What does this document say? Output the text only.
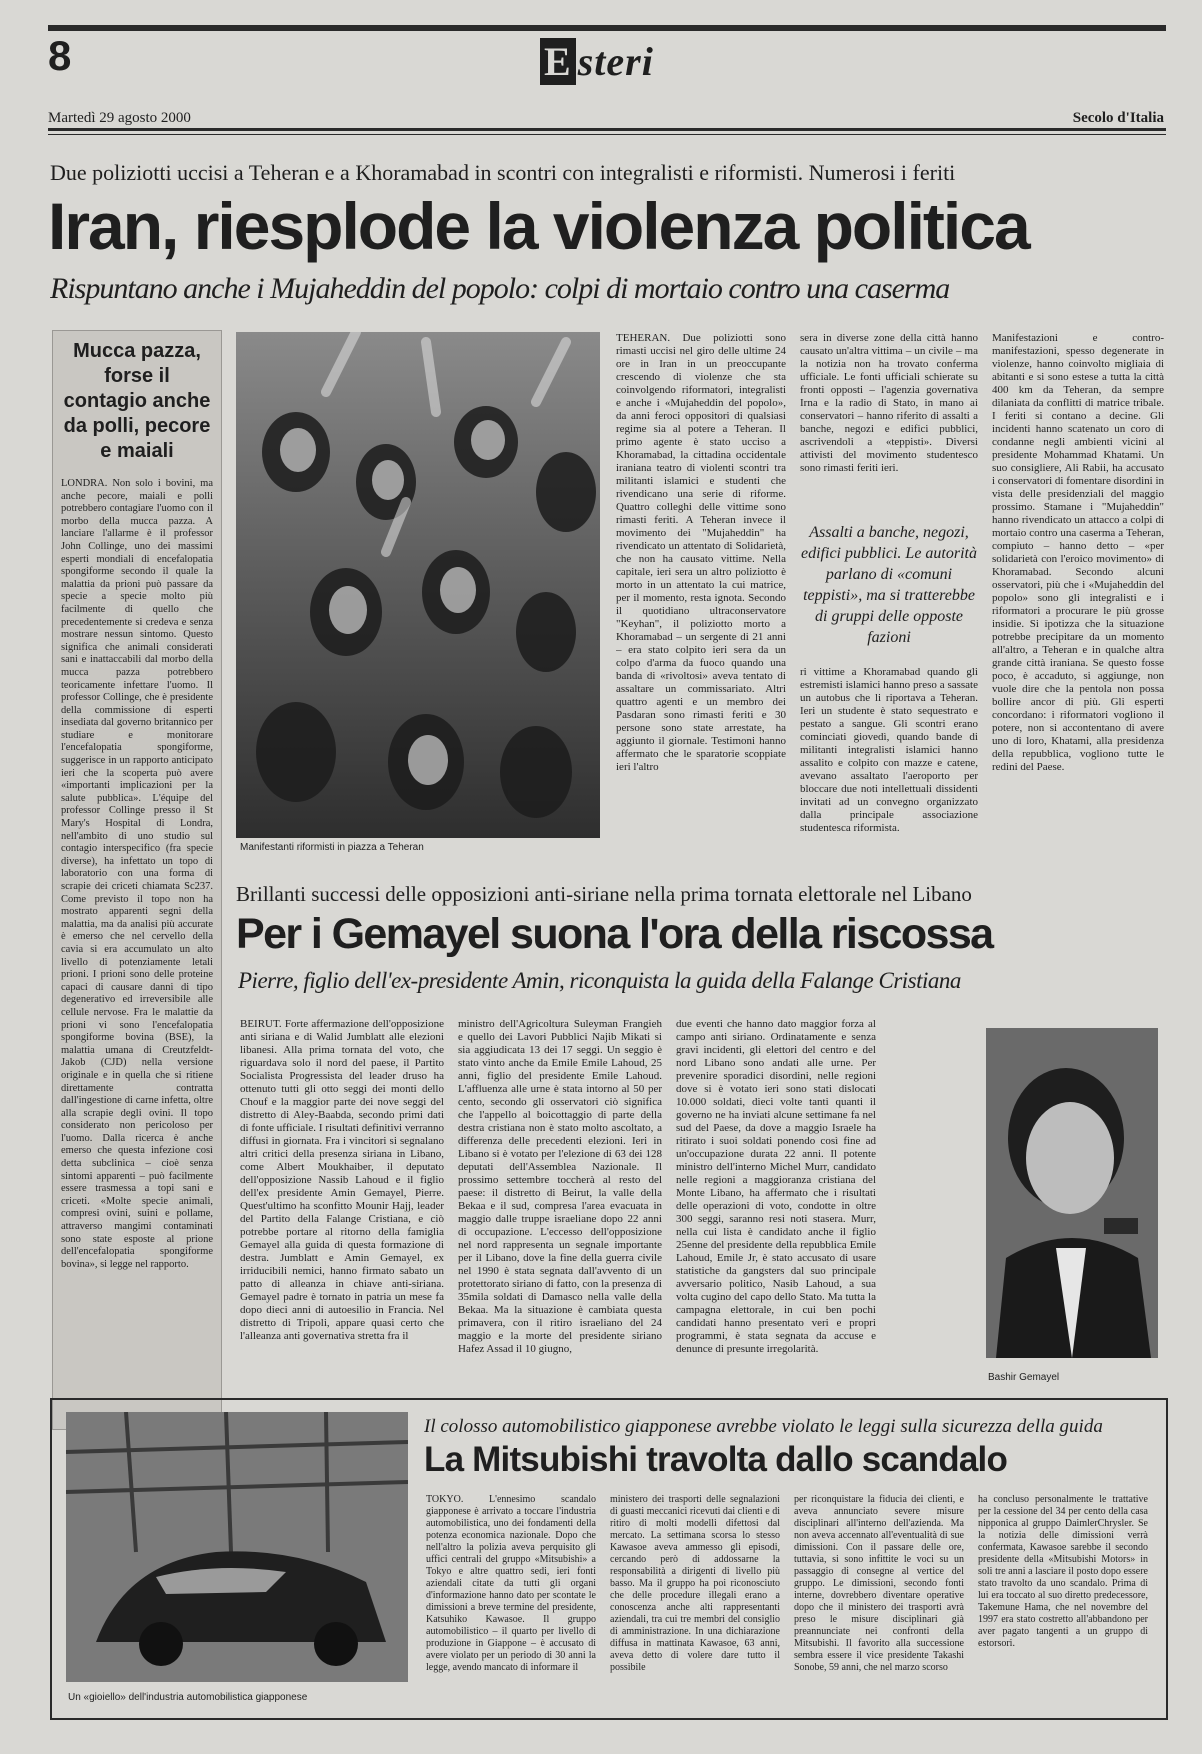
8	E steri
Martedì 29 agosto 2000	Secolo d'Italia
Due poliziotti uccisi a Teheran e a Khoramabad in scontri con integralisti e riformisti. Numerosi i feriti
Iran, riesplode la violenza politica
Rispuntano anche i Mujaheddin del popolo: colpi di mortaio contro una caserma
Mucca pazza, forse il contagio anche da polli, pecore e maiali
LONDRA. Non solo i bovini, ma anche pecore, maiali e polli potrebbero contagiare l'uomo con il morbo della mucca pazza. A lanciare l'allarme è il professor John Collinge, uno dei massimi esperti mondiali di encefalopatia spongiforme secondo il quale la malattia da prioni può passare da specie a specie molto più facilmente di quello che precedentemente si credeva e senza mostrare nessun sintomo. Questo significa che animali considerati sani e inattaccabili dal morbo della mucca pazza potrebbero teoricamente infettare l'uomo. Il professor Collinge, che è presidente della commissione di esperti insediata dal governo britannico per studiare e monitorare l'encefalopatia spongiforme, suggerisce in un rapporto anticipato ieri che la scoperta può avere «importanti implicazioni per la salute pubblica». L'équipe del professor Collinge presso il St Mary's Hospital di Londra, nell'ambito di uno studio sul contagio interspecifico (fra specie diverse), ha infettato un topo di laboratorio con una forma di scrapie dei criceti chiamata Sc237. Come previsto il topo non ha mostrato apparenti segni della malattia, ma da analisi più accurate è emerso che nel cervello della cavia si era accumulato un alto livello di potenziamente letali prioni. I prioni sono delle proteine capaci di causare danni di tipo degenerativo ed irreversibile alle cellule nervose. Fra le malattie da prioni vi sono l'encefalopatia spongiforme bovina (BSE), la malattia umana di Creutzfeldt-Jakob (CJD) nella versione originale e in quella che si ritiene direttamente contratta dall'ingestione di carne infetta, oltre alla scrapie degli ovini. Il topo considerato non pericoloso per l'uomo. Dalla ricerca è anche emerso che questa infezione così detta subclinica – cioè senza sintomi apparenti – può facilmente essere trasmessa a topi sani e criceti. «Molte specie animali, compresi ovini, suini e pollame, attraverso mangimi contaminati sono state esposte al prione dell'encefalopatia spongiforme bovina», si legge nel rapporto.
Manifestanti riformisti in piazza a Teheran
TEHERAN. Due poliziotti sono rimasti uccisi nel giro delle ultime 24 ore in Iran in un preoccupante crescendo di violenze che sta coinvolgendo riformatori, integralisti e anche i «Mujaheddin del popolo», da anni feroci oppositori di qualsiasi regime sia al potere a Teheran. Il primo agente è stato ucciso a Khoramabad, la cittadina occidentale iraniana teatro di violenti scontri tra militanti islamici e studenti che rivendicano una serie di riforme. Quattro colleghi delle vittime sono rimasti feriti. A Teheran invece il movimento dei "Mujaheddin" ha rivendicato un attentato di Solidarietà, che non ha causato vittime. Nella capitale, ieri sera un altro poliziotto è morto in un attentato la cui matrice, per il momento, resta ignota. Secondo il quotidiano ultraconservatore "Keyhan", il poliziotto morto a Khoramabad – un sergente di 21 anni – era stato colpito ieri sera da un colpo d'arma da fuoco quando una banda di «rivoltosi» aveva tentato di assaltare un commissariato. Altri quattro agenti e un membro dei Pasdaran sono rimasti feriti e 30 persone sono state arrestate, ha aggiunto il giornale. Testimoni hanno affermato che le sparatorie scoppiate ieri l'altro
sera in diverse zone della città hanno causato un'altra vittima – un civile – ma la notizia non ha trovato conferma ufficiale. Le fonti ufficiali schierate su fronti opposti – l'agenzia governativa Irna e la radio di Stato, in mano ai conservatori – hanno riferito di assalti a banche, negozi e edifici pubblici, ascrivendoli a «teppisti». Diversi attivisti del movimento studentesco sono rimasti feriti ieri.
Assalti a banche, negozi, edifici pubblici. Le autorità parlano di «comuni teppisti», ma si tratterebbe di gruppi delle opposte fazioni
ri vittime a Khoramabad quando gli estremisti islamici hanno preso a sassate un autobus che li riportava a Teheran. Ieri un studente è stato sequestrato e pestato a sangue. Gli scontri erano cominciati giovedì, quando bande di militanti integralisti islamici hanno assalito e colpito con mazze e catene, avevano assaltato l'aeroporto per bloccare due noti intellettuali dissidenti invitati ad un convegno organizzato dalla principale associazione studentesca riformista.
Manifestazioni e contro-manifestazioni, spesso degenerate in violenze, hanno coinvolto migliaia di abitanti e si sono estese a tutta la città 400 km da Teheran, da sempre dilaniata da conflitti di matrice tribale. I feriti si contano a decine. Gli incidenti hanno scatenato un coro di condanne negli ambienti vicini al presidente Mohammad Khatami. Un suo consigliere, Ali Rabii, ha accusato i conservatori di fomentare disordini in vista delle presidenziali del maggio prossimo. Stamane i "Mujaheddin" hanno rivendicato un attacco a colpi di mortaio contro una caserma a Teheran, compiuto – hanno detto – «per solidarietà con l'eroico movimento» di Khoramabad. Secondo alcuni osservatori, più che i «Mujaheddin del popolo» sono gli integralisti e i riformatori a procurare le più grosse insidie. Si ipotizza che la situazione potrebbe precipitare da un momento all'altro, a Teheran e in qualche altra grande città iraniana. Se questo fosse poco, è accaduto, si aggiunge, non vuole dire che la pentola non possa bollire ancor di più. Gli esperti concordano: i riformatori vogliono il potere, non si accontentano di avere uno di loro, Khatami, alla presidenza della repubblica, vogliono tutte le redini del Paese.
Brillanti successi delle opposizioni anti-siriane nella prima tornata elettorale nel Libano
Per i Gemayel suona l'ora della riscossa
Pierre, figlio dell'ex-presidente Amin, riconquista la guida della Falange Cristiana
BEIRUT. Forte affermazione dell'opposizione anti siriana e di Walid Jumblatt alle elezioni libanesi. Alla prima tornata del voto, che riguardava solo il nord del paese, il Partito Socialista Progressista del leader druso ha ottenuto tutti gli otto seggi dei monti dello Chouf e la maggior parte dei nove seggi del distretto di Aley-Baabda, secondo primi dati di fonte ufficiale. I risultati definitivi verranno diffusi in giornata. Fra i vincitori si segnalano altri critici della presenza siriana in Libano, come Albert Moukhaiber, il deputato dell'opposizione Nassib Lahoud e il figlio dell'ex presidente Amin Gemayel, Pierre. Quest'ultimo ha sconfitto Mounir Hajj, leader del Partito della Falange Cristiana, e ciò potrebbe portare al ritorno della famiglia Gemayel alla guida di questa formazione di destra. Jumblatt e Amin Gemayel, ex irriducibili nemici, hanno firmato sabato un patto di alleanza in chiave anti-siriana. Gemayel padre è tornato in patria un mese fa dopo dieci anni di autoesilio in Francia. Nel distretto di Tripoli, appare quasi certo che l'alleanza anti governativa stretta fra il
ministro dell'Agricoltura Suleyman Frangieh e quello dei Lavori Pubblici Najib Mikati si sia aggiudicata 13 dei 17 seggi. Un seggio è stato vinto anche da Emile Emile Lahoud, 25 anni, figlio del presidente Emile Lahoud. L'affluenza alle urne è stata intorno al 50 per cento, secondo gli osservatori ciò significa che l'appello al boicottaggio di parte della destra cristiana non è stato molto ascoltato, a differenza delle precedenti elezioni. Ieri in Libano si è votato per l'elezione di 63 dei 128 deputati dell'Assemblea Nazionale. Il prossimo settembre toccherà al resto del paese: il distretto di Beirut, la valle della Bekaa e il sud, compresa l'area evacuata in maggio dalle truppe israeliane dopo 22 anni di occupazione. L'eccesso dell'opposizione nel nord rappresenta un segnale importante per il Libano, dove la fine della guerra civile nel 1990 è stata segnata dall'avvento di un protettorato siriano di fatto, con la presenza di 35mila soldati di Damasco nella valle della Bekaa. Ma la situazione è cambiata questa primavera, con il ritiro israeliano del 24 maggio e la morte del presidente siriano Hafez Assad il 10 giugno,
due eventi che hanno dato maggior forza al campo anti siriano. Ordinatamente e senza gravi incidenti, gli elettori del centro e del nord Libano sono andati alle urne. Per prevenire sporadici disordini, nelle regioni dove si è votato ieri sono stati dislocati 10.000 soldati, dieci volte tanti quanti il governo ne ha inviati alcune settimane fa nel sud del Paese, da dove a maggio Israele ha ritirato i suoi soldati ponendo così fine ad un'occupazione durata 22 anni. Il potente ministro dell'interno Michel Murr, candidato nelle regioni a maggioranza cristiana del Monte Libano, ha affermato che i risultati delle operazioni di voto, condotte in oltre 300 seggi, saranno resi noti stasera. Murr, nella cui lista è candidato anche il figlio 25enne del presidente della repubblica Emile Lahoud, Emile Jr, è stato accusato di usare statistiche da gangsters dal suo principale avversario politico, Nasib Lahoud, a sua volta cugino del capo dello Stato. Ma tutta la campagna elettorale, in cui ben pochi candidati hanno presentato veri e propri programmi, è stata segnata da accuse e denunce di presunte irregolarità.
Bashir Gemayel
Un «gioiello» dell'industria automobilistica giapponese
Il colosso automobilistico giapponese avrebbe violato le leggi sulla sicurezza della guida
La Mitsubishi travolta dallo scandalo
TOKYO. L'ennesimo scandalo giapponese è arrivato a toccare l'industria automobilistica, uno dei fondamenti della potenza economica nazionale. Dopo che nell'altro la polizia aveva perquisito gli uffici centrali del gruppo «Mitsubishi» a Tokyo e altre quattro sedi, ieri fonti aziendali citate da tutti gli organi d'informazione hanno dato per scontate le dimissioni a breve termine del presidente, Katsuhiko Kawasoe. Il gruppo automobilistico – il quarto per livello di produzione in Giappone – è accusato di avere violato per un periodo di 30 anni la legge, avendo mancato di informare il
ministero dei trasporti delle segnalazioni di guasti meccanici ricevuti dai clienti e di ritiro di molti modelli difettosi dal mercato. La settimana scorsa lo stesso Kawasoe aveva ammesso gli episodi, cercando però di addossarne la responsabilità a dirigenti di livello più basso. Ma il gruppo ha poi riconosciuto che delle procedure illegali erano a conoscenza anche alti rappresentanti aziendali, tra cui tre membri del consiglio di amministrazione. In una dichiarazione diffusa in mattinata Kawasoe, 63 anni, aveva detto di volere dare tutto il possibile
per riconquistare la fiducia dei clienti, e aveva annunciato severe misure disciplinari all'interno dell'azienda. Ma non aveva accennato all'eventualità di sue dimissioni. Con il passare delle ore, tuttavia, si sono infittite le voci su un passaggio di consegne al vertice del gruppo. Le dimissioni, secondo fonti interne, dovrebbero diventare operative dopo che il ministero dei trasporti avrà preso le misure disciplinari già preannunciate nei confronti della Mitsubishi. Il favorito alla successione sembra essere il vice presidente Takashi Sonobe, 59 anni, che nel marzo scorso
ha concluso personalmente le trattative per la cessione del 34 per cento della casa nipponica al gruppo DaimlerChrysler. Se la notizia delle dimissioni verrà confermata, Kawasoe sarebbe il secondo presidente della «Mitsubishi Motors» in soli tre anni a lasciare il posto dopo essere stato travolto da uno scandalo. Prima di lui era toccato al suo diretto predecessore, Takemune Hama, che nel novembre del 1997 era stato costretto all'abbandono per aver pagato tangenti a un gruppo di estorsori.
